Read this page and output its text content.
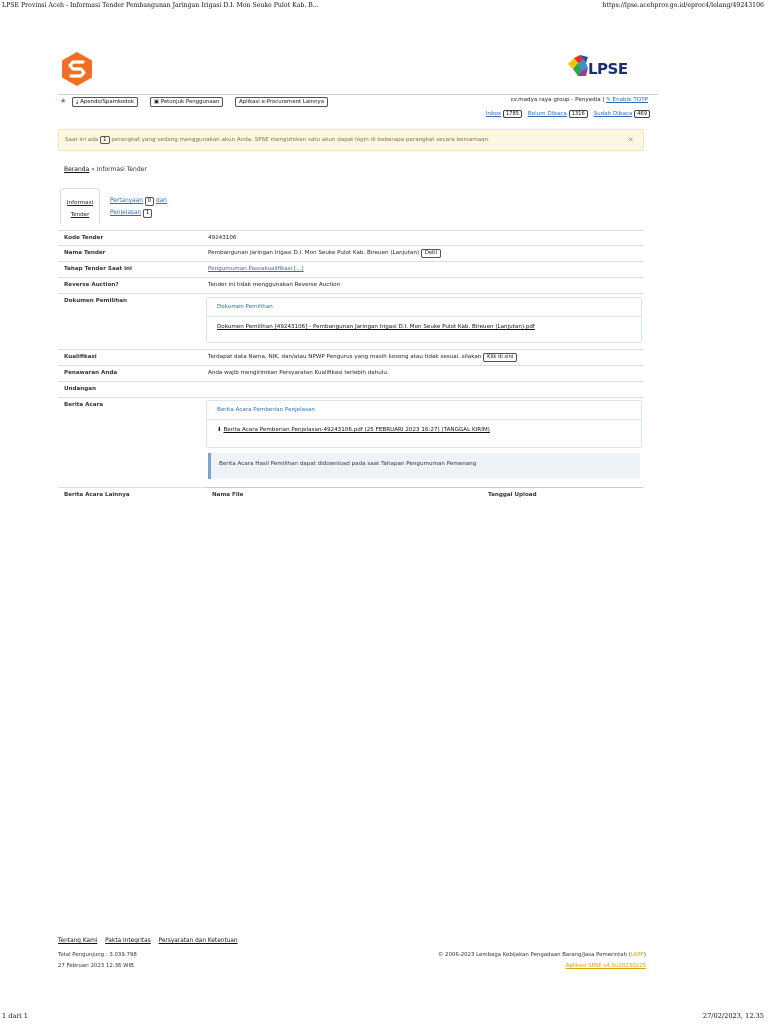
LPSE Provinsi Aceh - Informasi Tender Pembangunan Jaringan Irigasi D.I. Mon Seuke Pulot Kab. B...	https://lpse.acehprov.go.id/eproc4/lelang/49243106
LPSE
★	⤓ Apendo/Spamkodok	▣ Petunjuk Penggunaan	Aplikasi e-Procurement Lainnya	cv.madya raya group - Penyedia | ✎ Enable TOTP
Inbox 1785 Belum Dibaca 1316 Sudah Dibaca 469
Saat ini ada 1 perangkat yang sedang menggunakan akun Anda. SPSE mengizinkan satu akun dapat login di beberapa perangkat secara bersamaan.	×
Beranda » Informasi Tender
Informasi
Tender
Pertanyaan 0 dan
Penjelasan 1
Kode Tender	49243106
Nama Tender	Pembangunan Jaringan Irigasi D.I. Mon Seuke Pulot Kab. Bireuen (Lanjutan) Detil
Tahap Tender Saat ini	Pengumuman Pascakualifikasi [...]
Reverse Auction?	Tender ini tidak menggunakan Reverse Auction
Dokumen Pemilihan
Dokumen Pemilihan
Dokumen Pemilihan [49243106] - Pembangunan Jaringan Irigasi D.I. Mon Seuke Pulot Kab. Bireuen (Lanjutan).pdf
Kualifikasi	Terdapat data Nama, NIK, dan/atau NPWP Pengurus yang masih kosong atau tidak sesuai. silakan Klik di sini
Penawaran Anda	Anda wajib mengirimkan Persyaratan Kualifikasi terlebih dahulu.
Undangan
Berita Acara
Berita Acara Pemberian Penjelasan
⬇ Berita Acara Pemberian Penjelasan-49243106.pdf (25 FEBRUARI 2023 16:27) (TANGGAL KIRIM)
Berita Acara Hasil Pemilihan dapat didownload pada saat Tahapan Pengumuman Pemenang
Berita Acara Lainnya	Nama File	Tanggal Upload
Tentang Kami Pakta Integritas Persyaratan dan Ketentuan
Total Pengunjung : 3.039.798
27 Februari 2023 12:36 WIB
© 2006-2023 Lembaga Kebijakan Pengadaan Barang/Jasa Pemerintah (LKPP)
Aplikasi SPSE v4.5u20230223
1 dari 1	27/02/2023, 12.35
